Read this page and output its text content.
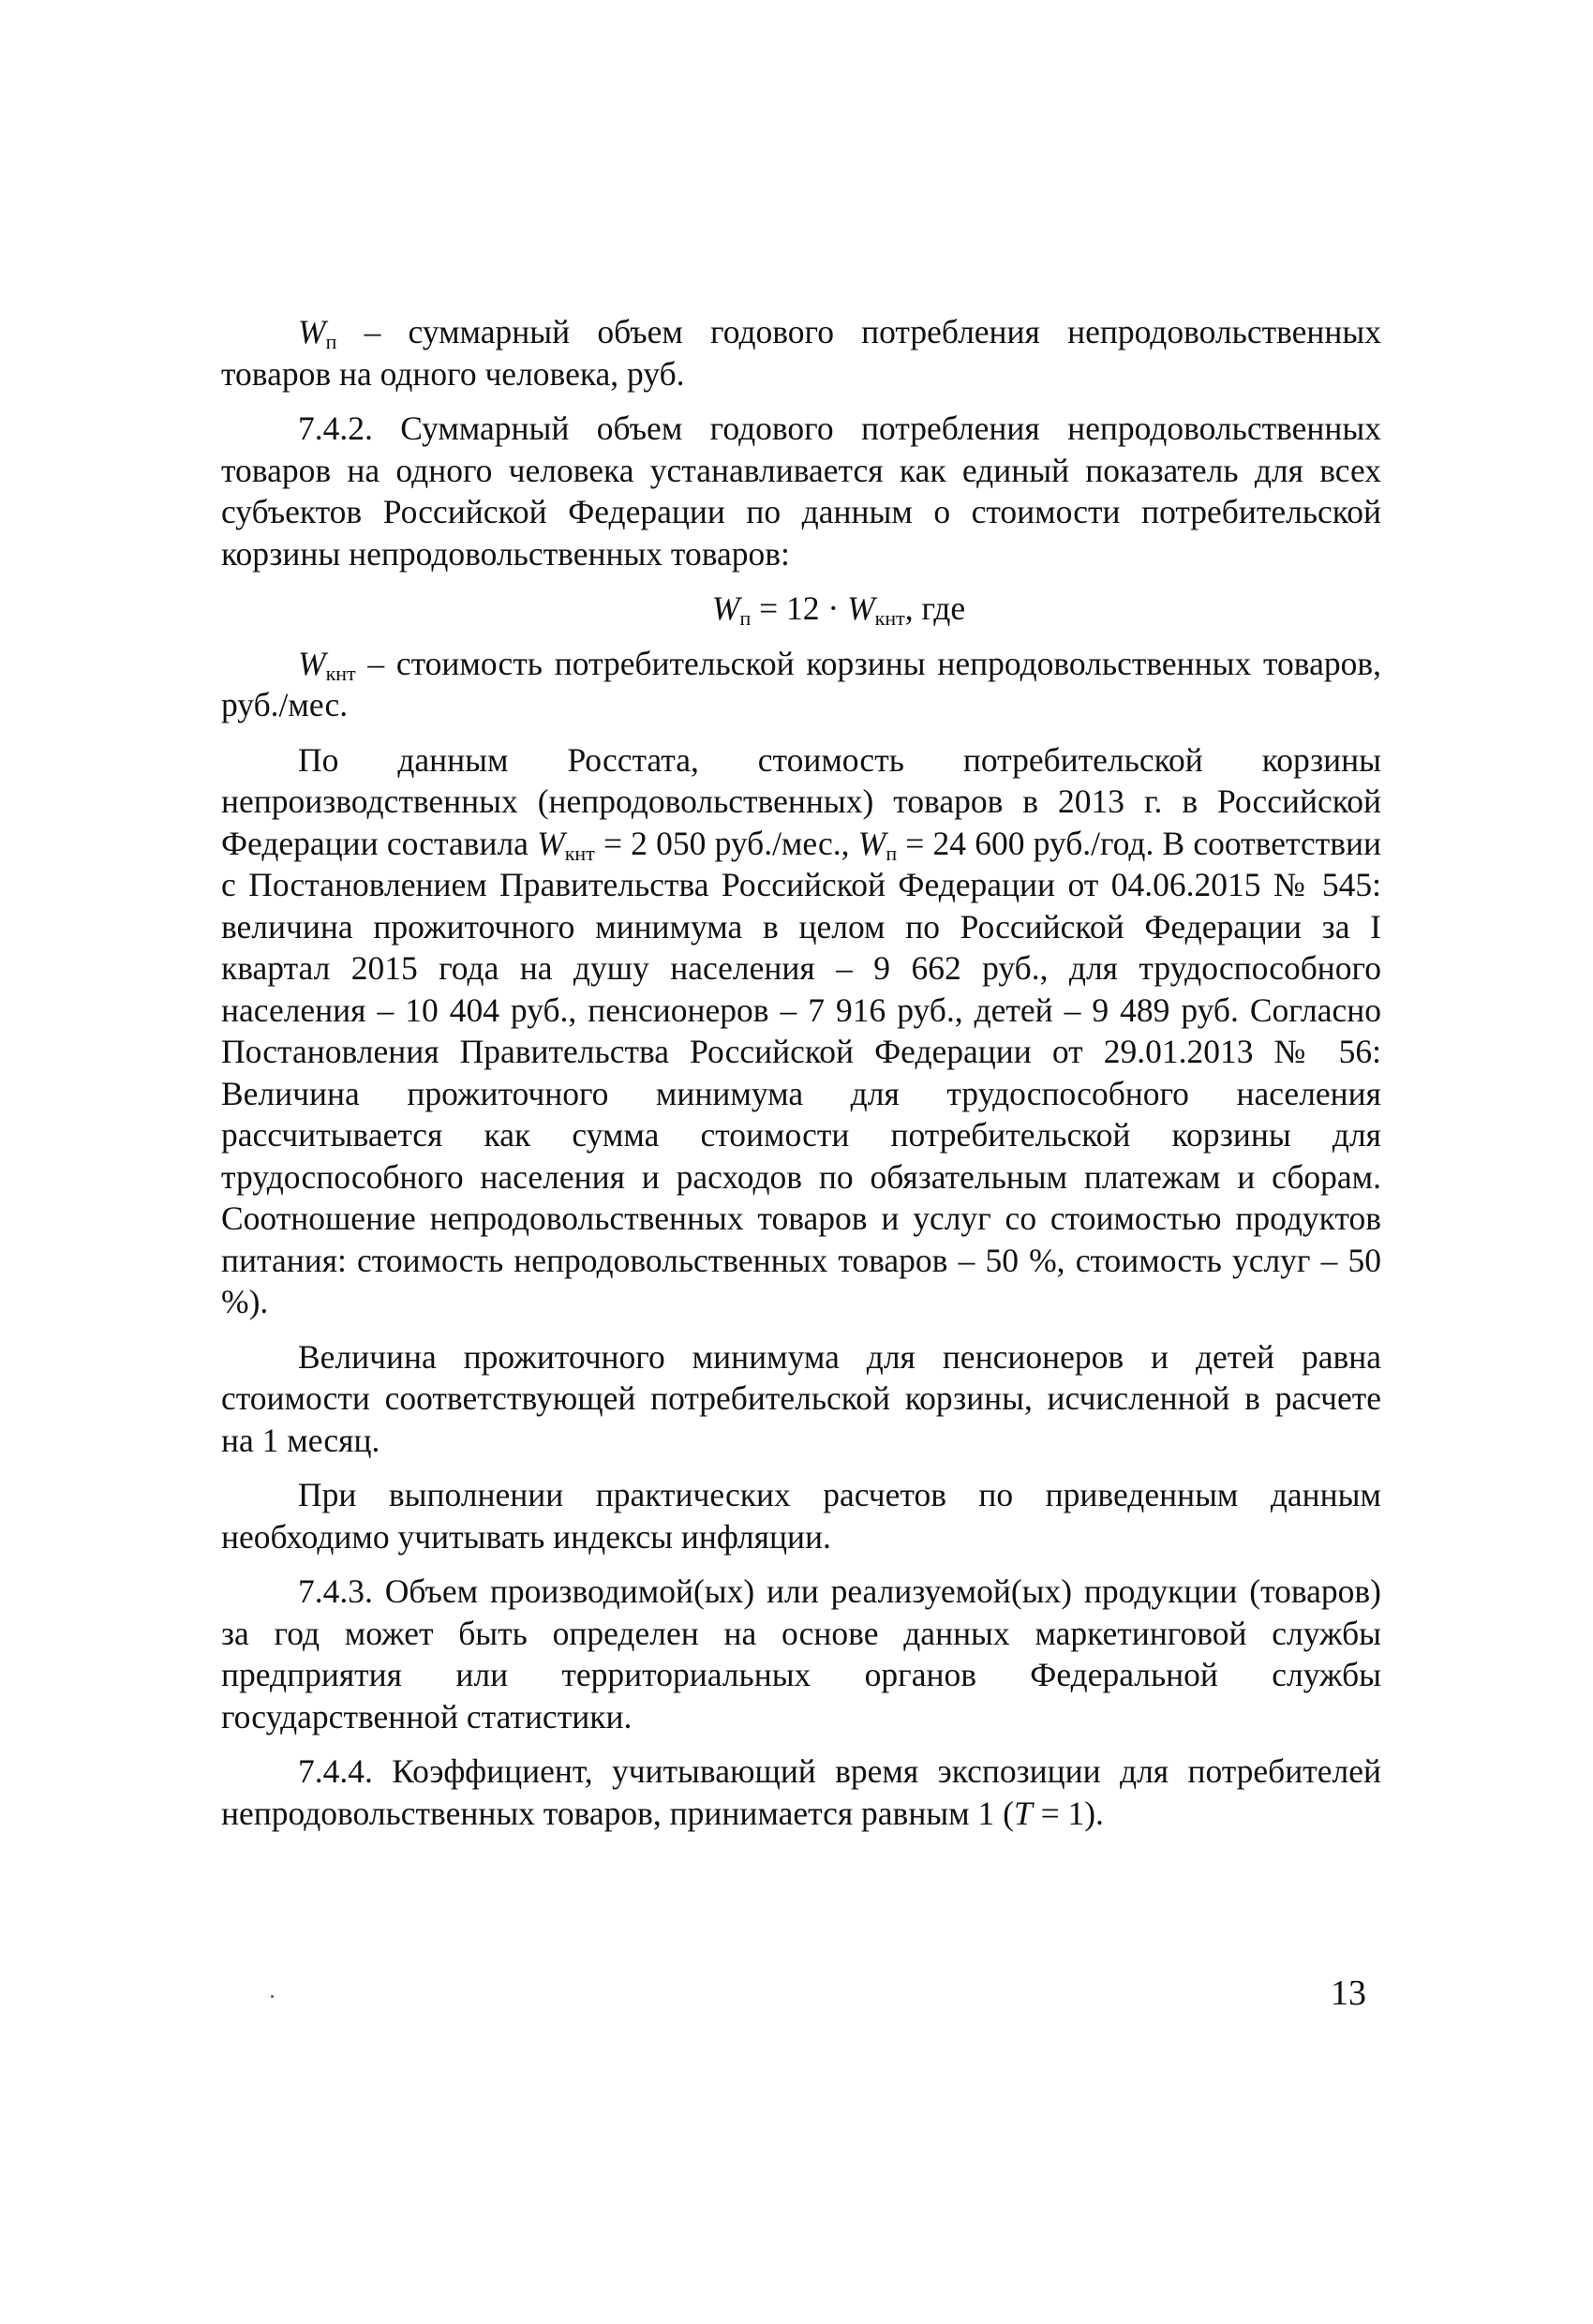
$W_п$ – суммарный объем годового потребления непродовольственных товаров на одного человека, руб.

7.4.2. Суммарный объем годового потребления непродовольственных товаров на одного человека устанавливается как единый показатель для всех субъектов Российской Федерации по данным о стоимости потребительской корзины непродовольственных товаров:

$W_п = 12 \cdot W_{кнт}$, где

$W_{кнт}$ – стоимость потребительской корзины непродовольственных товаров, руб./мес.

По данным Росстата, стоимость потребительской корзины непроизводственных (непродовольственных) товаров в 2013 г. в Российской Федерации составила $W_{кнт} = 2$ 050 руб./мес., $W_п = 24$ 600 руб./год. В соответствии с Постановлением Правительства Российской Федерации от 04.06.2015 № 545: величина прожиточного минимума в целом по Российской Федерации за I квартал 2015 года на душу населения – 9 662 руб., для трудоспособного населения – 10 404 руб., пенсионеров – 7 916 руб., детей – 9 489 руб. Согласно Постановления Правительства Российской Федерации от 29.01.2013 № 56: Величина прожиточного минимума для трудоспособного населения рассчитывается как сумма стоимости потребительской корзины для трудоспособного населения и расходов по обязательным платежам и сборам. Соотношение непродовольственных товаров и услуг со стоимостью продуктов питания: стоимость непродовольственных товаров – 50 %, стоимость услуг – 50 %).

Величина прожиточного минимума для пенсионеров и детей равна стоимости соответствующей потребительской корзины, исчисленной в расчете на 1 месяц.

При выполнении практических расчетов по приведенным данным необходимо учитывать индексы инфляции.

7.4.3. Объем производимой(ых) или реализуемой(ых) продукции (товаров) за год может быть определен на основе данных маркетинговой службы предприятия или территориальных органов Федеральной службы государственной статистики.

7.4.4. Коэффициент, учитывающий время экспозиции для потребителей непродовольственных товаров, принимается равным 1 (T = 1).

13
